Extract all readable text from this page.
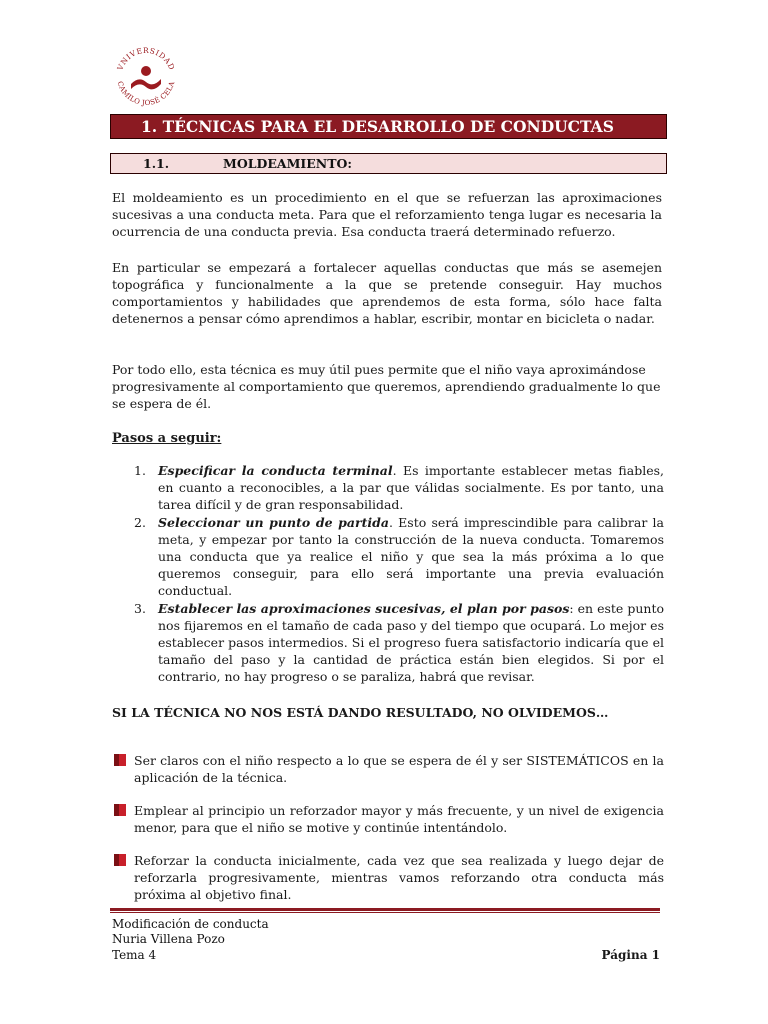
VNIVERSIDAD
CAMILO JOSÉ CELA
1. TÉCNICAS PARA EL DESARROLLO DE CONDUCTAS
1.1.	MOLDEAMIENTO:

El moldeamiento es un procedimiento en el que se refuerzan las aproximaciones sucesivas a una conducta meta. Para que el reforzamiento tenga lugar es necesaria la ocurrencia de una conducta previa. Esa conducta traerá determinado refuerzo.

En particular se empezará a fortalecer aquellas conductas que más se asemejen topográfica y funcionalmente a la que se pretende conseguir. Hay muchos comportamientos y habilidades que aprendemos de esta forma, sólo hace falta detenernos a pensar cómo aprendimos a hablar, escribir, montar en bicicleta o nadar.

Por todo ello, esta técnica es muy útil pues permite que el niño vaya aproximándose progresivamente al comportamiento que queremos, aprendiendo gradualmente lo que se espera de él.

Pasos a seguir:
1. Especificar la conducta terminal. Es importante establecer metas fiables, en cuanto a reconocibles, a la par que válidas socialmente. Es por tanto, una tarea difícil y de gran responsabilidad.
2. Seleccionar un punto de partida. Esto será imprescindible para calibrar la meta, y empezar por tanto la construcción de la nueva conducta. Tomaremos una conducta que ya realice el niño y que sea la más próxima a lo que queremos conseguir, para ello será importante una previa evaluación conductual.
3. Establecer las aproximaciones sucesivas, el plan por pasos: en este punto nos fijaremos en el tamaño de cada paso y del tiempo que ocupará. Lo mejor es establecer pasos intermedios. Si el progreso fuera satisfactorio indicaría que el tamaño del paso y la cantidad de práctica están bien elegidos. Si por el contrario, no hay progreso o se paraliza, habrá que revisar.
SI LA TÉCNICA NO NOS ESTÁ DANDO RESULTADO, NO OLVIDEMOS…
Ser claros con el niño respecto a lo que se espera de él y ser SISTEMÁTICOS en la aplicación de la técnica.
Emplear al principio un reforzador mayor y más frecuente, y un nivel de exigencia menor, para que el niño se motive y continúe intentándolo.
Reforzar la conducta inicialmente, cada vez que sea realizada y luego dejar de reforzarla progresivamente, mientras vamos reforzando otra conducta más próxima al objetivo final.
Modificación de conducta
Nuria Villena Pozo
Tema 4	Página 1
